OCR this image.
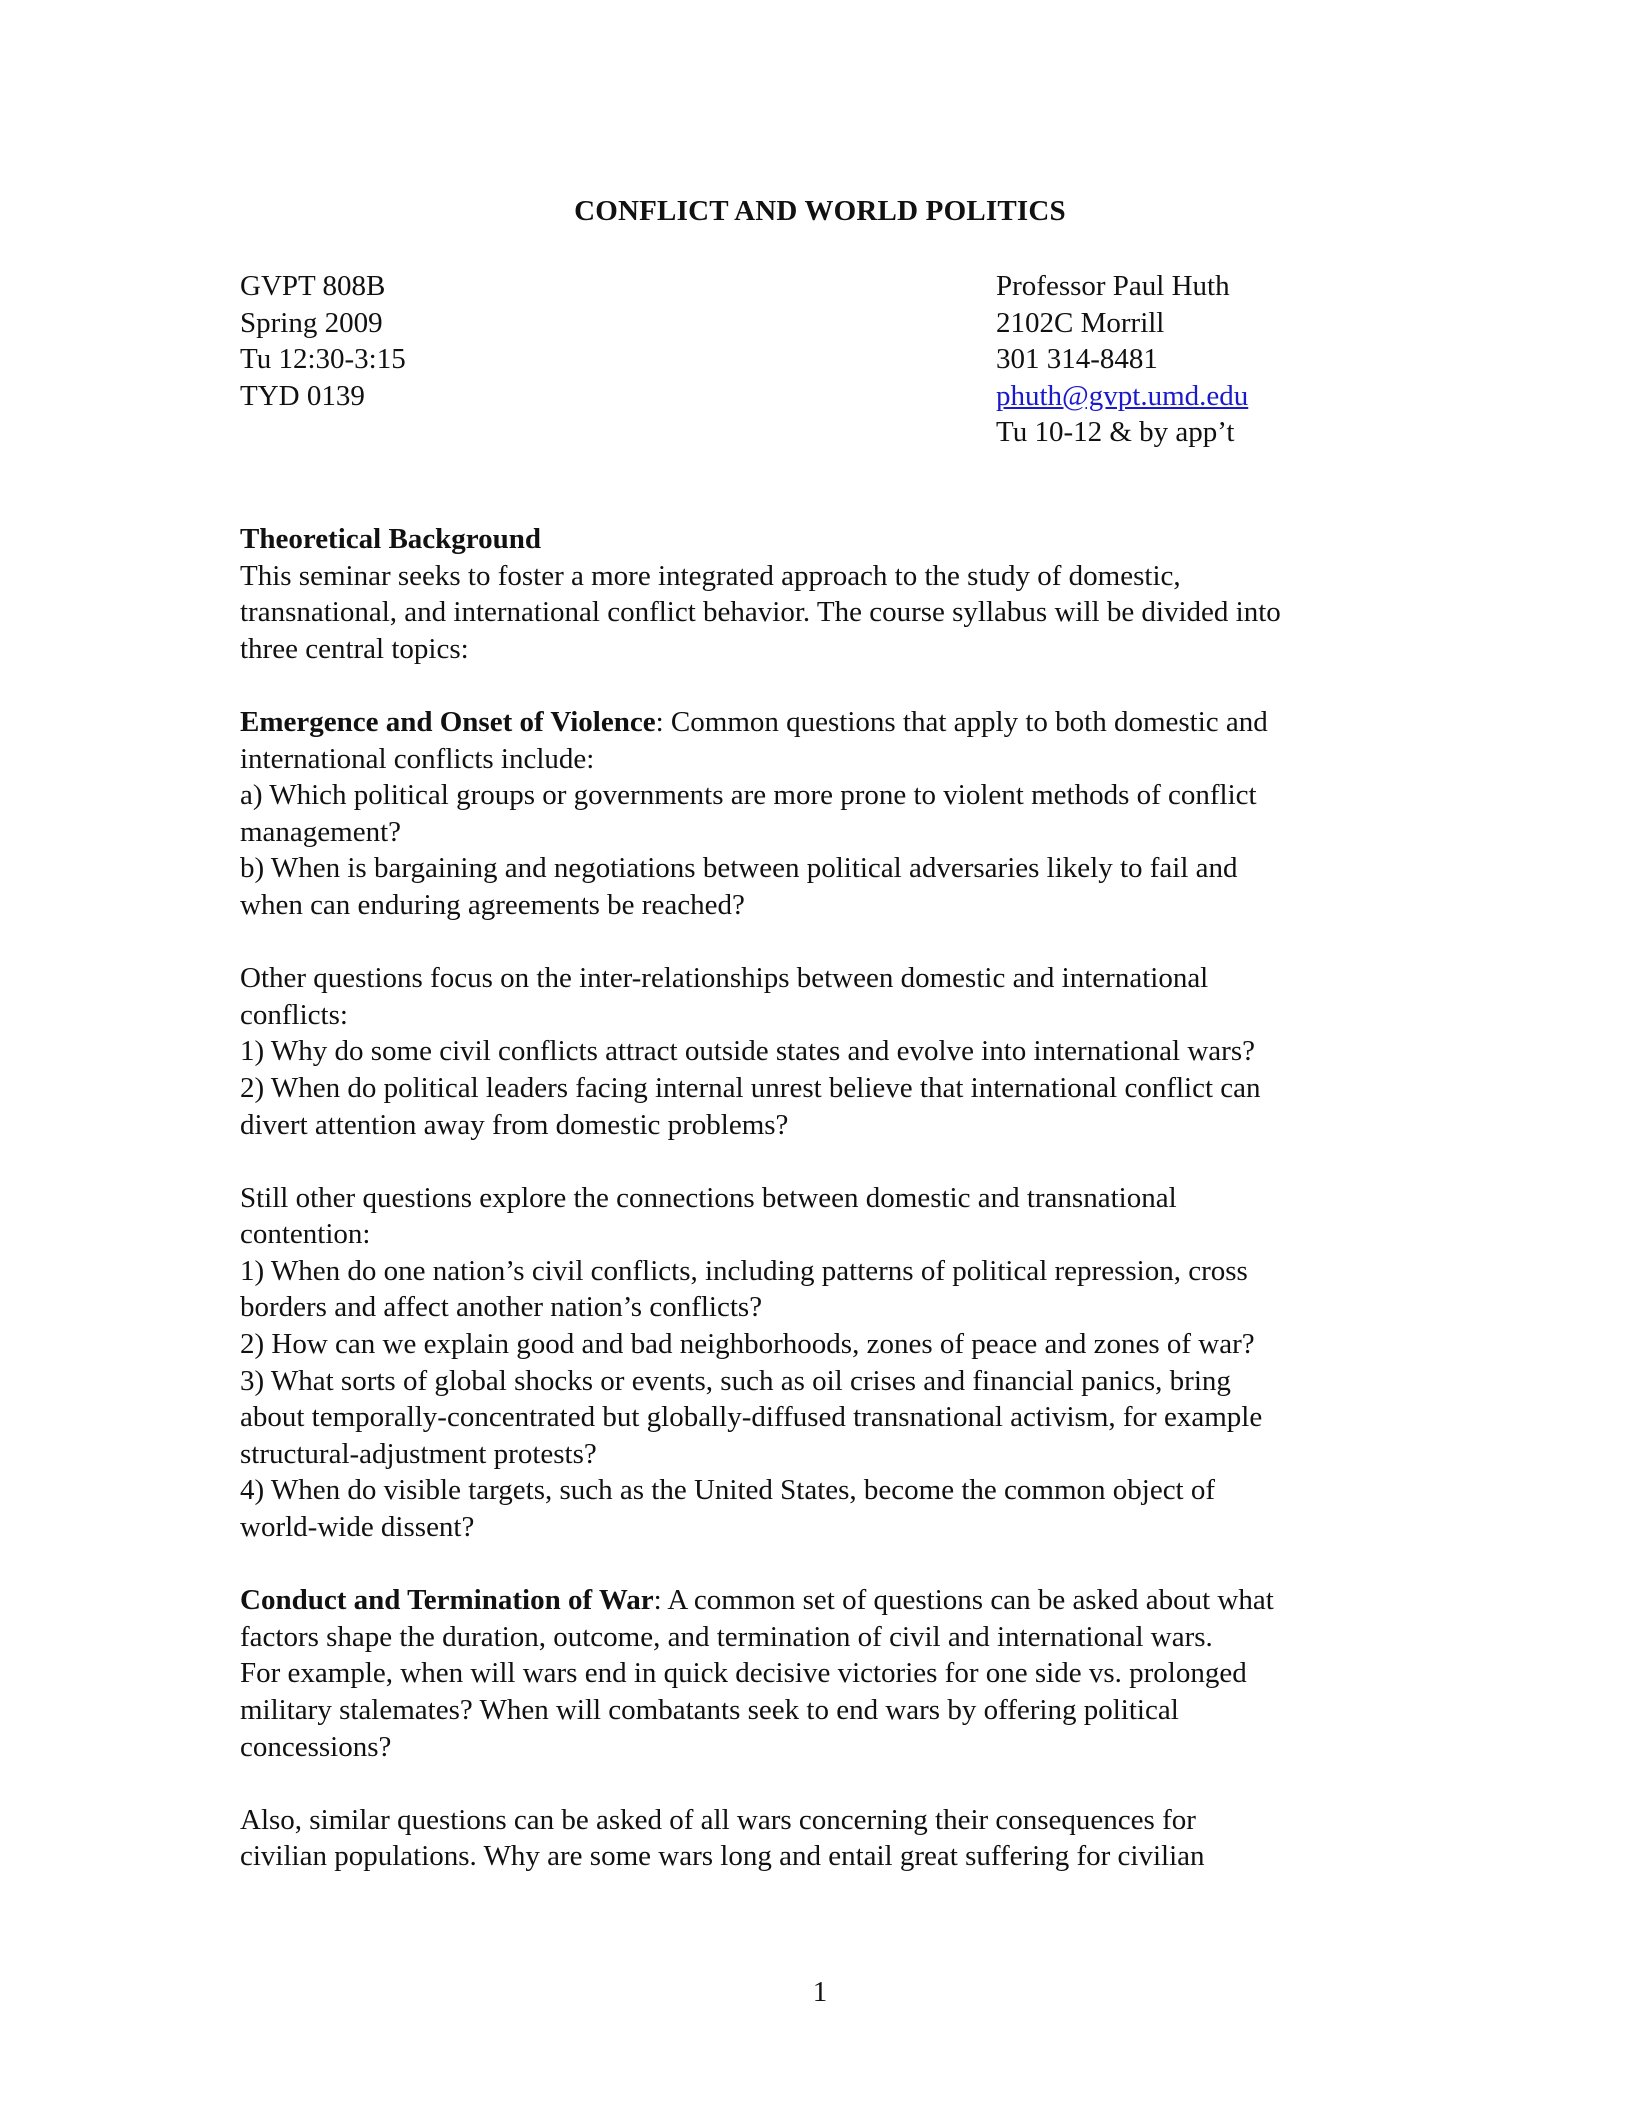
CONFLICT AND WORLD POLITICS
GVPT 808B
Spring 2009
Tu 12:30-3:15
TYD 0139
Professor Paul Huth
2102C Morrill
301 314-8481
phuth@gvpt.umd.edu
Tu 10-12 & by app’t
Theoretical Background
This seminar seeks to foster a more integrated approach to the study of domestic,
transnational, and international conflict behavior. The course syllabus will be divided into
three central topics:
Emergence and Onset of Violence: Common questions that apply to both domestic and
international conflicts include:
a) Which political groups or governments are more prone to violent methods of conflict
management?
b) When is bargaining and negotiations between political adversaries likely to fail and
when can enduring agreements be reached?
Other questions focus on the inter-relationships between domestic and international
conflicts:
1) Why do some civil conflicts attract outside states and evolve into international wars?
2) When do political leaders facing internal unrest believe that international conflict can
divert attention away from domestic problems?
Still other questions explore the connections between domestic and transnational
contention:
1) When do one nation’s civil conflicts, including patterns of political repression, cross
borders and affect another nation’s conflicts?
2) How can we explain good and bad neighborhoods, zones of peace and zones of war?
3) What sorts of global shocks or events, such as oil crises and financial panics, bring
about temporally-concentrated but globally-diffused transnational activism, for example
structural-adjustment protests?
4) When do visible targets, such as the United States, become the common object of
world-wide dissent?
Conduct and Termination of War: A common set of questions can be asked about what
factors shape the duration, outcome, and termination of civil and international wars.
For example, when will wars end in quick decisive victories for one side vs. prolonged
military stalemates? When will combatants seek to end wars by offering political
concessions?
Also, similar questions can be asked of all wars concerning their consequences for
civilian populations. Why are some wars long and entail great suffering for civilian
1
